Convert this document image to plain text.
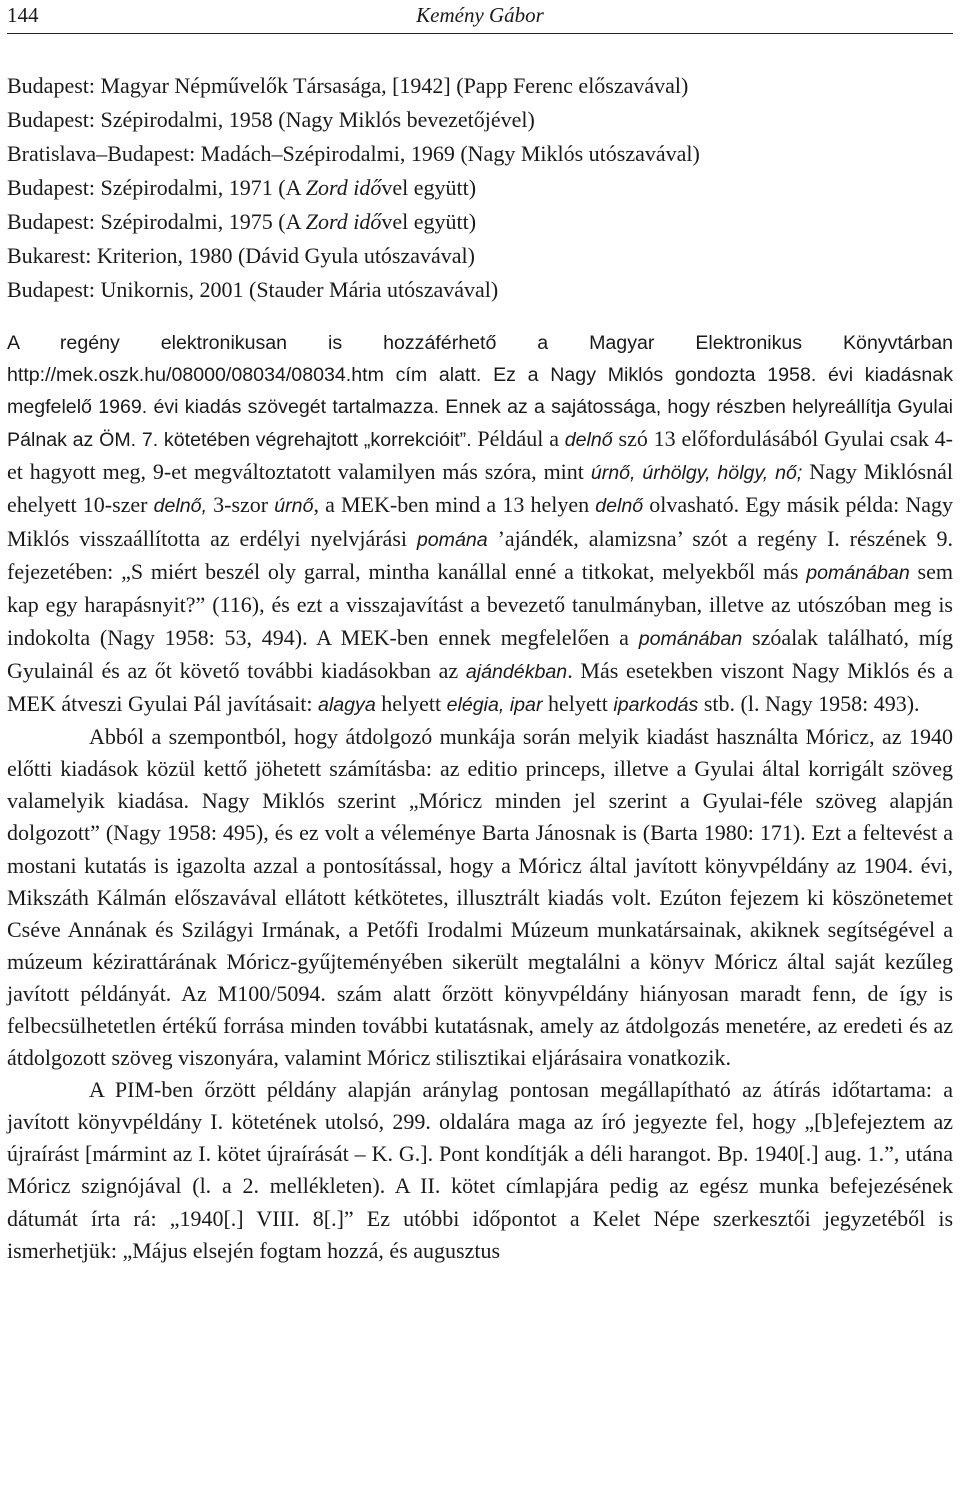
144	Kemény Gábor
Budapest: Magyar Népművelők Társasága, [1942] (Papp Ferenc előszavával)
Budapest: Szépirodalmi, 1958 (Nagy Miklós bevezetőjével)
Bratislava–Budapest: Madách–Szépirodalmi, 1969 (Nagy Miklós utószavával)
Budapest: Szépirodalmi, 1971 (A Zord idővel együtt)
Budapest: Szépirodalmi, 1975 (A Zord idővel együtt)
Bukarest: Kriterion, 1980 (Dávid Gyula utószavával)
Budapest: Unikornis, 2001 (Stauder Mária utószavával)

A regény elektronikusan is hozzáférhető a Magyar Elektronikus Könyvtárban http://mek.oszk.hu/08000/08034/08034.htm cím alatt. Ez a Nagy Miklós gondozta 1958. évi kiadásnak megfelelő 1969. évi kiadás szövegét tartalmazza. Ennek az a sajátossága, hogy részben helyreállítja Gyulai Pálnak az ÖM. 7. kötetében végrehajtott „korrekcióit”. Például a delnő szó 13 előfordulásából Gyulai csak 4-et hagyott meg, 9-et megváltoztatott valamilyen más szóra, mint úrnő, úrhölgy, hölgy, nő; Nagy Miklósnál ehelyett 10-szer delnő, 3-szor úrnő, a MEK-ben mind a 13 helyen delnő olvasható. Egy másik példa: Nagy Miklós visszaállította az erdélyi nyelvjárási pomána ’ajándék, alamizsna’ szót a regény I. részének 9. fejezetében: „S miért beszél oly garral, mintha kanállal enné a titkokat, melyekből más pománában sem kap egy harapásnyit?” (116), és ezt a visszajavítást a bevezető tanulmányban, illetve az utószóban meg is indokolta (Nagy 1958: 53, 494). A MEK-ben ennek megfelelően a pománában szóalak található, míg Gyulainál és az őt követő további kiadásokban az ajándékban. Más esetekben viszont Nagy Miklós és a MEK átveszi Gyulai Pál javításait: alagya helyett elégia, ipar helyett iparkodás stb. (l. Nagy 1958: 493).

Abból a szempontból, hogy átdolgozó munkája során melyik kiadást használta Móricz, az 1940 előtti kiadások közül kettő jöhetett számításba: az editio princeps, illetve a Gyulai által korrigált szöveg valamelyik kiadása. Nagy Miklós szerint „Móricz minden jel szerint a Gyulai-féle szöveg alapján dolgozott” (Nagy 1958: 495), és ez volt a véleménye Barta Jánosnak is (Barta 1980: 171). Ezt a feltevést a mostani kutatás is igazolta azzal a pontosítással, hogy a Móricz által javított könyvpéldány az 1904. évi, Mikszáth Kálmán előszavával ellátott kétkötetes, illusztrált kiadás volt. Ezúton fejezem ki köszönetemet Cséve Annának és Szilágyi Irmának, a Petőfi Irodalmi Múzeum munkatársainak, akiknek segítségével a múzeum kézirattárának Móricz-gyűjteményében sikerült megtalálni a könyv Móricz által saját kezűleg javított példányát. Az M100/5094. szám alatt őrzött könyvpéldány hiányosan maradt fenn, de így is felbecsülhetetlen értékű forrása minden további kutatásnak, amely az átdolgozás menetére, az eredeti és az átdolgozott szöveg viszonyára, valamint Móricz stilisztikai eljárásaira vonatkozik.

A PIM-ben őrzött példány alapján aránylag pontosan megállapítható az átírás időtartama: a javított könyvpéldány I. kötetének utolsó, 299. oldalára maga az író jegyezte fel, hogy „[b]efejeztem az újraírást [mármint az I. kötet újraírását – K. G.]. Pont kondítják a déli harangot. Bp. 1940[.] aug. 1.”, utána Móricz szignójával (l. a 2. mellékleten). A II. kötet címlapjára pedig az egész munka befejezésének dátumát írta rá: „1940[.] VIII. 8[.]” Ez utóbbi időpontot a Kelet Népe szerkesztői jegyzetéből is ismerhetjük: „Május elsején fogtam hozzá, és augusztus
